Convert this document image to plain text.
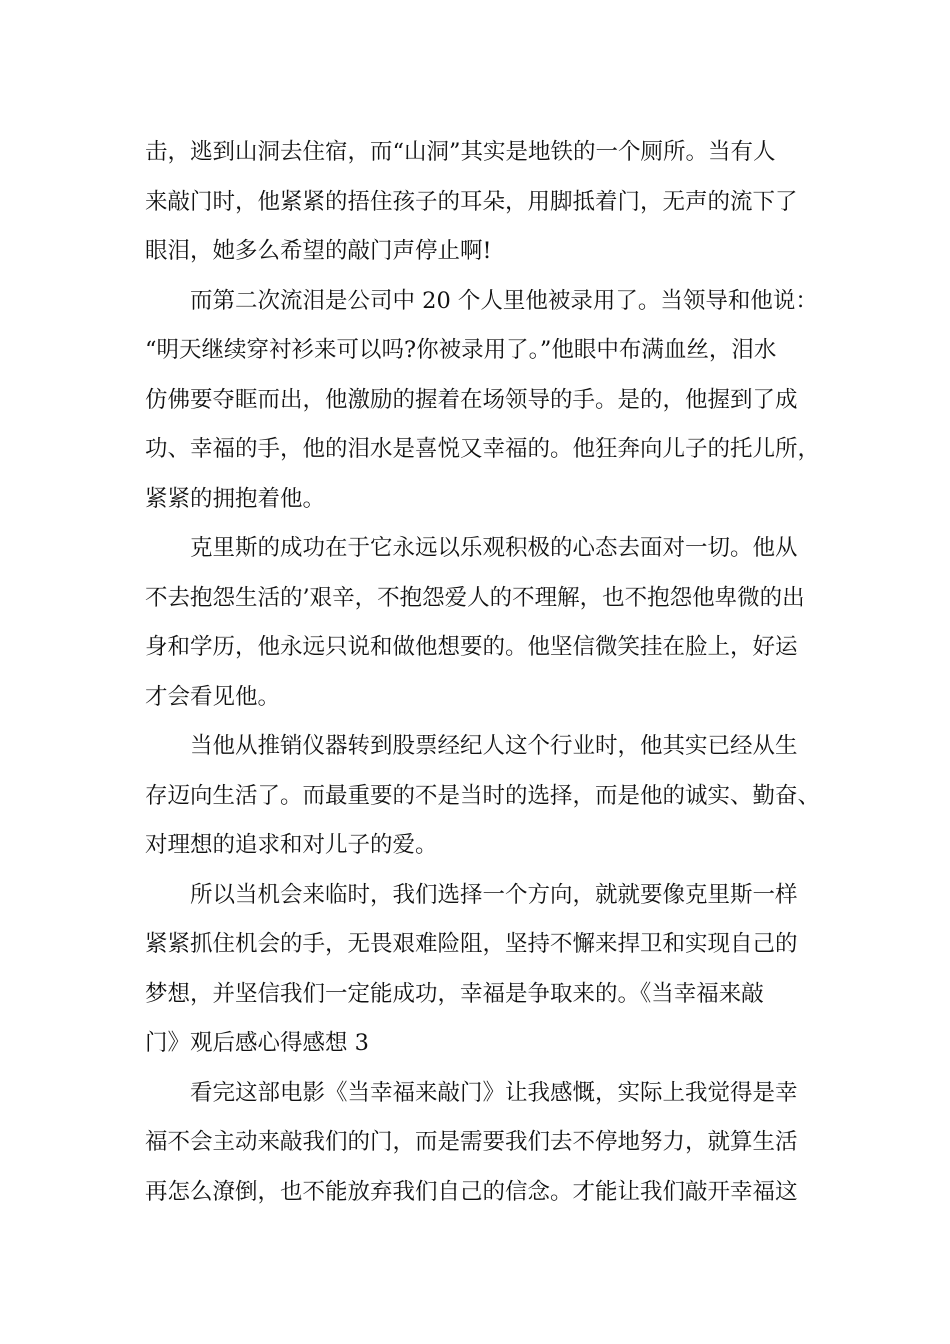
击，逃到山洞去住宿，而“山洞”其实是地铁的一个厕所。当有人
来敲门时，他紧紧的捂住孩子的耳朵，用脚抵着门，无声的流下了
眼泪，她多么希望的敲门声停止啊!
而第二次流泪是公司中 20 个人里他被录用了。当领导和他说：
“明天继续穿衬衫来可以吗?你被录用了。”他眼中布满血丝，泪水
仿佛要夺眶而出，他激励的握着在场领导的手。是的，他握到了成
功、幸福的手，他的泪水是喜悦又幸福的。他狂奔向儿子的托儿所，
紧紧的拥抱着他。
克里斯的成功在于它永远以乐观积极的心态去面对一切。他从
不去抱怨生活的’艰辛，不抱怨爱人的不理解，也不抱怨他卑微的出
身和学历，他永远只说和做他想要的。他坚信微笑挂在脸上，好运
才会看见他。
当他从推销仪器转到股票经纪人这个行业时，他其实已经从生
存迈向生活了。而最重要的不是当时的选择，而是他的诚实、勤奋、
对理想的追求和对儿子的爱。
所以当机会来临时，我们选择一个方向，就就要像克里斯一样
紧紧抓住机会的手，无畏艰难险阻，坚持不懈来捍卫和实现自己的
梦想，并坚信我们一定能成功，幸福是争取来的。《当幸福来敲
门》观后感心得感想 3
看完这部电影《当幸福来敲门》让我感慨，实际上我觉得是幸
福不会主动来敲我们的门，而是需要我们去不停地努力，就算生活
再怎么潦倒，也不能放弃我们自己的信念。才能让我们敲开幸福这
